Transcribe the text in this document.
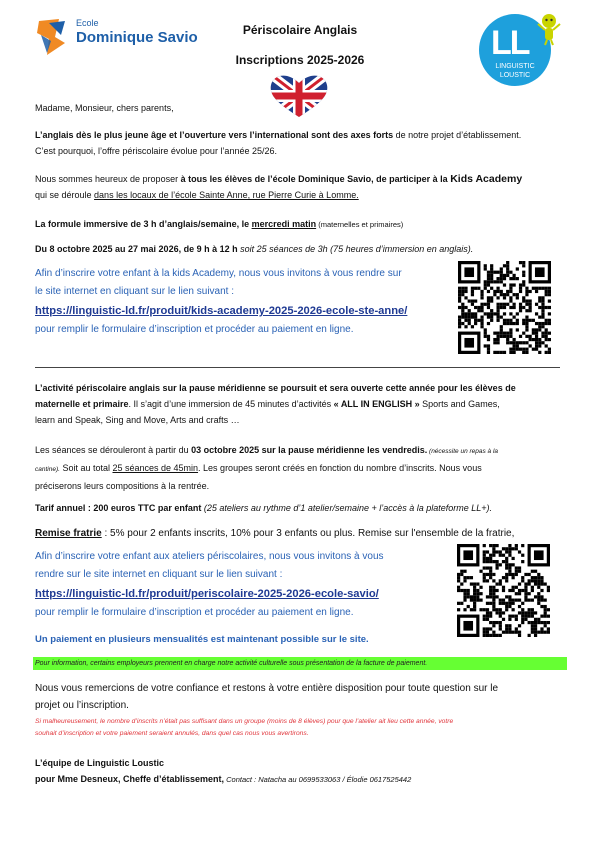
Ecole
Dominique Savio	Périscolaire Anglais
Inscriptions 2025-2026	LL
LINGUISTIC
LOUSTIC

Madame, Monsieur, chers parents,

L’anglais dès le plus jeune âge et l’ouverture vers l’international sont des axes forts de notre projet d’établissement.
C’est pourquoi, l’offre périscolaire évolue pour l’année 25/26.
Nous sommes heureux de proposer à tous les élèves de l’école Dominique Savio, de participer à la Kids Academy
qui se déroule dans les locaux de l’école Sainte Anne, rue Pierre Curie à Lomme.
La formule immersive de 3 h d’anglais/semaine, le mercredi matin (maternelles et primaires)
Du 8 octobre 2025 au 27 mai 2026, de 9 h à 12 h soit 25 séances de 3h (75 heures d’immersion en anglais).
Afin d’inscrire votre enfant à la kids Academy, nous vous invitons à vous rendre sur
le site internet en cliquant sur le lien suivant :
https://linguistic-ld.fr/produit/kids-academy-2025-2026-ecole-ste-anne/
pour remplir le formulaire d’inscription et procéder au paiement en ligne.
L’activité périscolaire anglais sur la pause méridienne se poursuit et sera ouverte cette année pour les élèves de
maternelle et primaire. Il s’agit d’une immersion de 45 minutes d’activités « ALL IN ENGLISH » Sports and Games,
learn and Speak, Sing and Move, Arts and crafts …
Les séances se dérouleront à partir du 03 octobre 2025 sur la pause méridienne les vendredis. (nécessite un repas à la
cantine). Soit au total 25 séances de 45min. Les groupes seront créés en fonction du nombre d’inscrits. Nous vous
préciserons leurs compositions à la rentrée.
Tarif annuel : 200 euros TTC par enfant (25 ateliers au rythme d’1 atelier/semaine + l’accès à la plateforme LL+).
Remise fratrie : 5% pour 2 enfants inscrits, 10% pour 3 enfants ou plus. Remise sur l'ensemble de la fratrie,
Afin d’inscrire votre enfant aux ateliers périscolaires, nous vous invitons à vous
rendre sur le site internet en cliquant sur le lien suivant :
https://linguistic-ld.fr/produit/periscolaire-2025-2026-ecole-savio/
pour remplir le formulaire d’inscription et procéder au paiement en ligne.
Un paiement en plusieurs mensualités est maintenant possible sur le site.
Pour information, certains employeurs prennent en charge notre activité culturelle sous présentation de la facture de paiement.
Nous vous remercions de votre confiance et restons à votre entière disposition pour toute question sur le
projet ou l’inscription.
Si malheureusement, le nombre d’inscrits n’était pas suffisant dans un groupe (moins de 8 élèves) pour que l’atelier ait lieu cette année, votre
souhait d’inscription et votre paiement seraient annulés, dans quel cas nous vous avertirons.
L’équipe de Linguistic Loustic
pour Mme Desneux, Cheffe d’établissement, Contact : Natacha au 0699533063 / Élodie 0617525442
